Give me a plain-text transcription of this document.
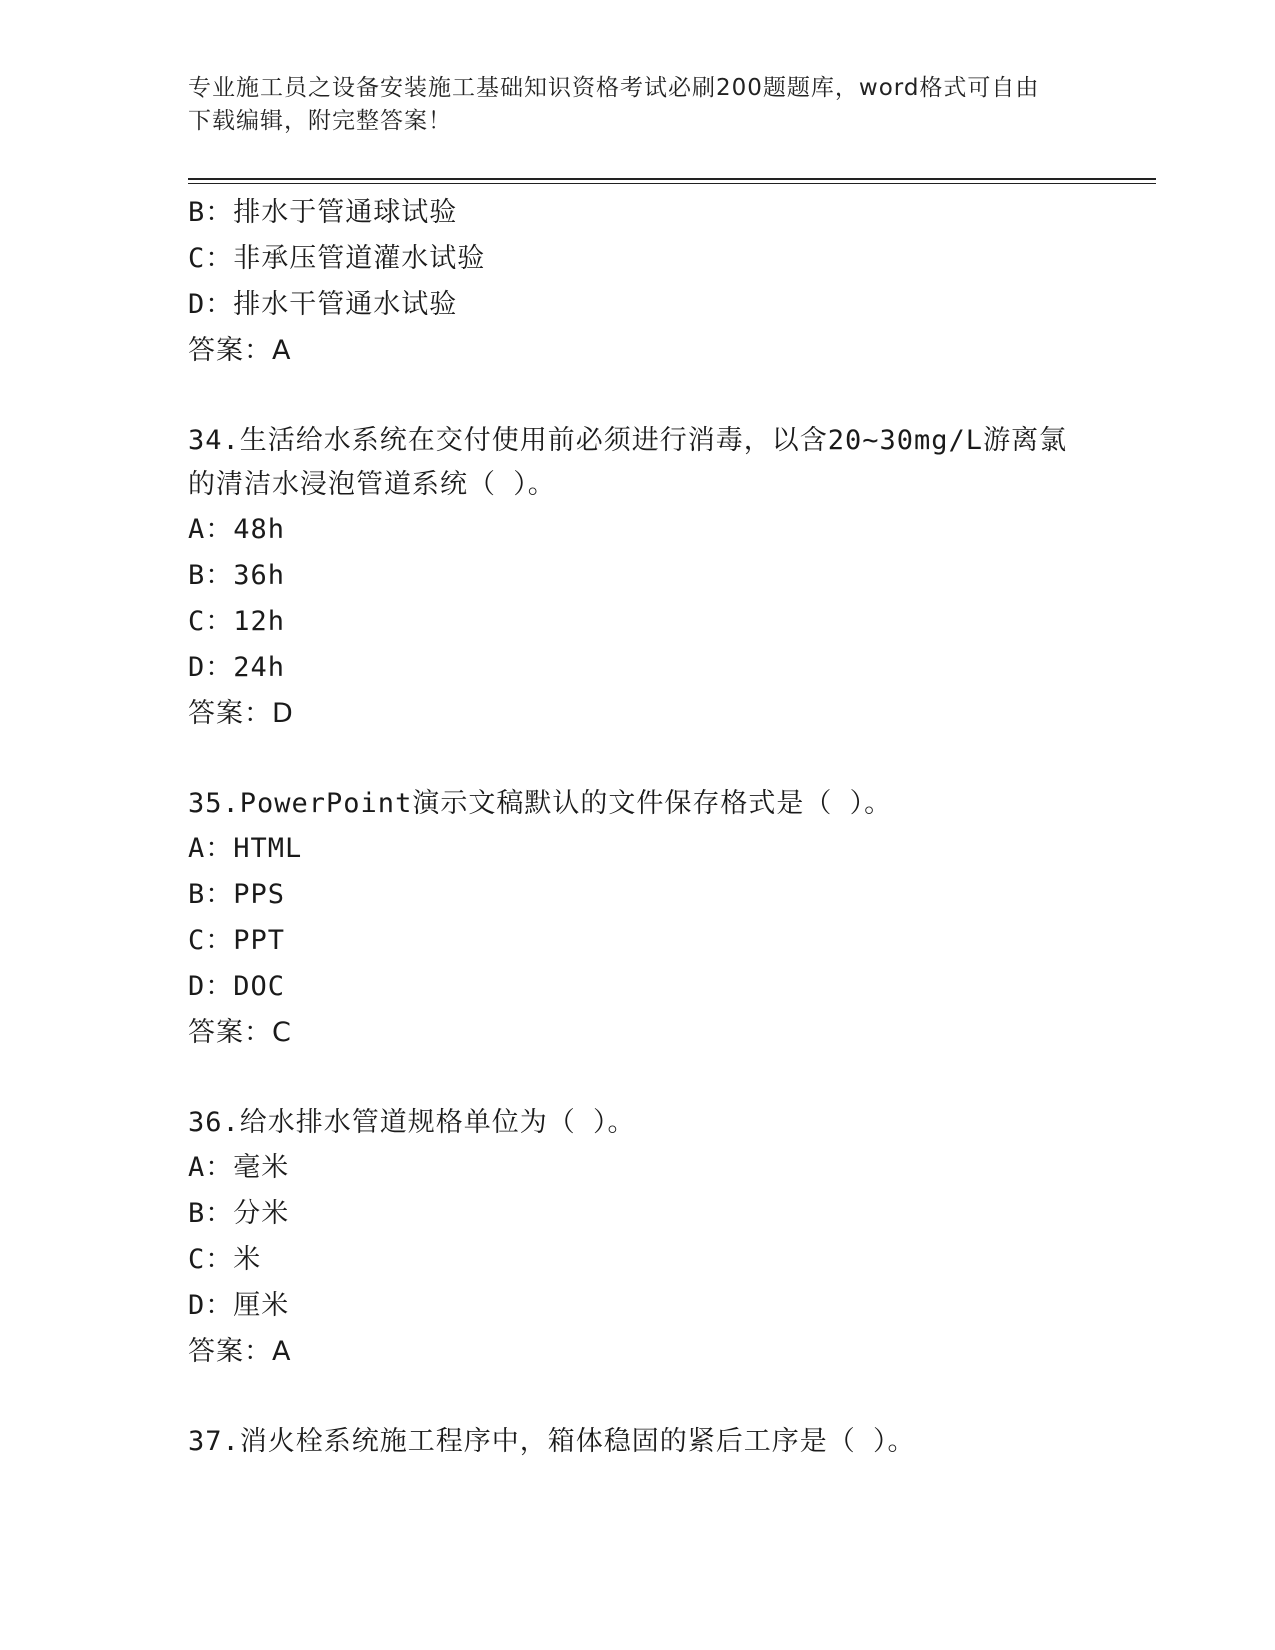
专业施工员之设备安装施工基础知识资格考试必刷200题题库，word格式可自由
下载编辑，附完整答案！
B：排水于管通球试验
C：非承压管道灌水试验
D：排水干管通水试验
答案：A
34.生活给水系统在交付使用前必须进行消毒，以含20~30mg/L游离氯的清洁水浸泡管道系统（ ）。
A：48h
B：36h
C：12h
D：24h
答案：D
35.PowerPoint演示文稿默认的文件保存格式是（ ）。
A：HTML
B：PPS
C：PPT
D：DOC
答案：C
36.给水排水管道规格单位为（ ）。
A：毫米
B：分米
C：米
D：厘米
答案：A
37.消火栓系统施工程序中，箱体稳固的紧后工序是（ ）。
